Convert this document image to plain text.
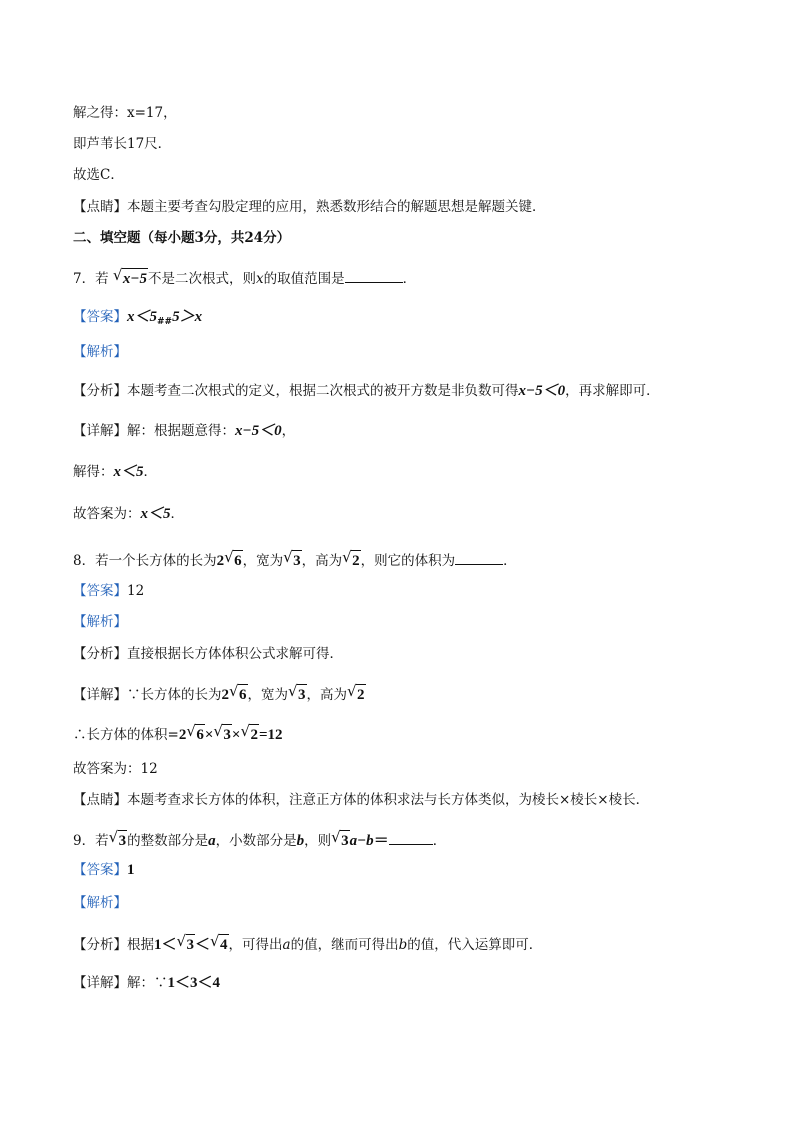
解之得：x=17，
即芦苇长17尺．
故选C．
【点睛】本题主要考查勾股定理的应用，熟悉数形结合的解题思想是解题关键．
二、填空题（每小题3分，共24分）
7．若 √ x−5不是二次根式，则x的取值范围是	．
【答案】$x<5_{\#\#}5>x$
【解析】
【分析】本题考查二次根式的定义，根据二次根式的被开方数是非负数可得x−5＜0，再求解即可．
【详解】解：根据题意得：x−5＜0，
解得：x＜5．
故答案为：x＜5．
8．若一个长方体的长为2 √ 6，宽为 √ 3，高为 √ 2，则它的体积为	．
【答案】12
【解析】
【分析】直接根据长方体体积公式求解可得．
【详解】∵长方体的长为2 √ 6，宽为 √ 3，高为 √ 2
∴长方体的体积=2 √ 6× √ 3× √ 2=12
故答案为：12
【点睛】本题考查求长方体的体积，注意正方体的体积求法与长方体类似，为棱长×棱长×棱长．
9．若 √ 3的整数部分是a，小数部分是b，则 √ 3a−b＝	．
【答案】1
【解析】
【分析】根据1＜ √ 3＜ √ 4，可得出a的值，继而可得出b的值，代入运算即可．
【详解】解：∵1＜3＜4
